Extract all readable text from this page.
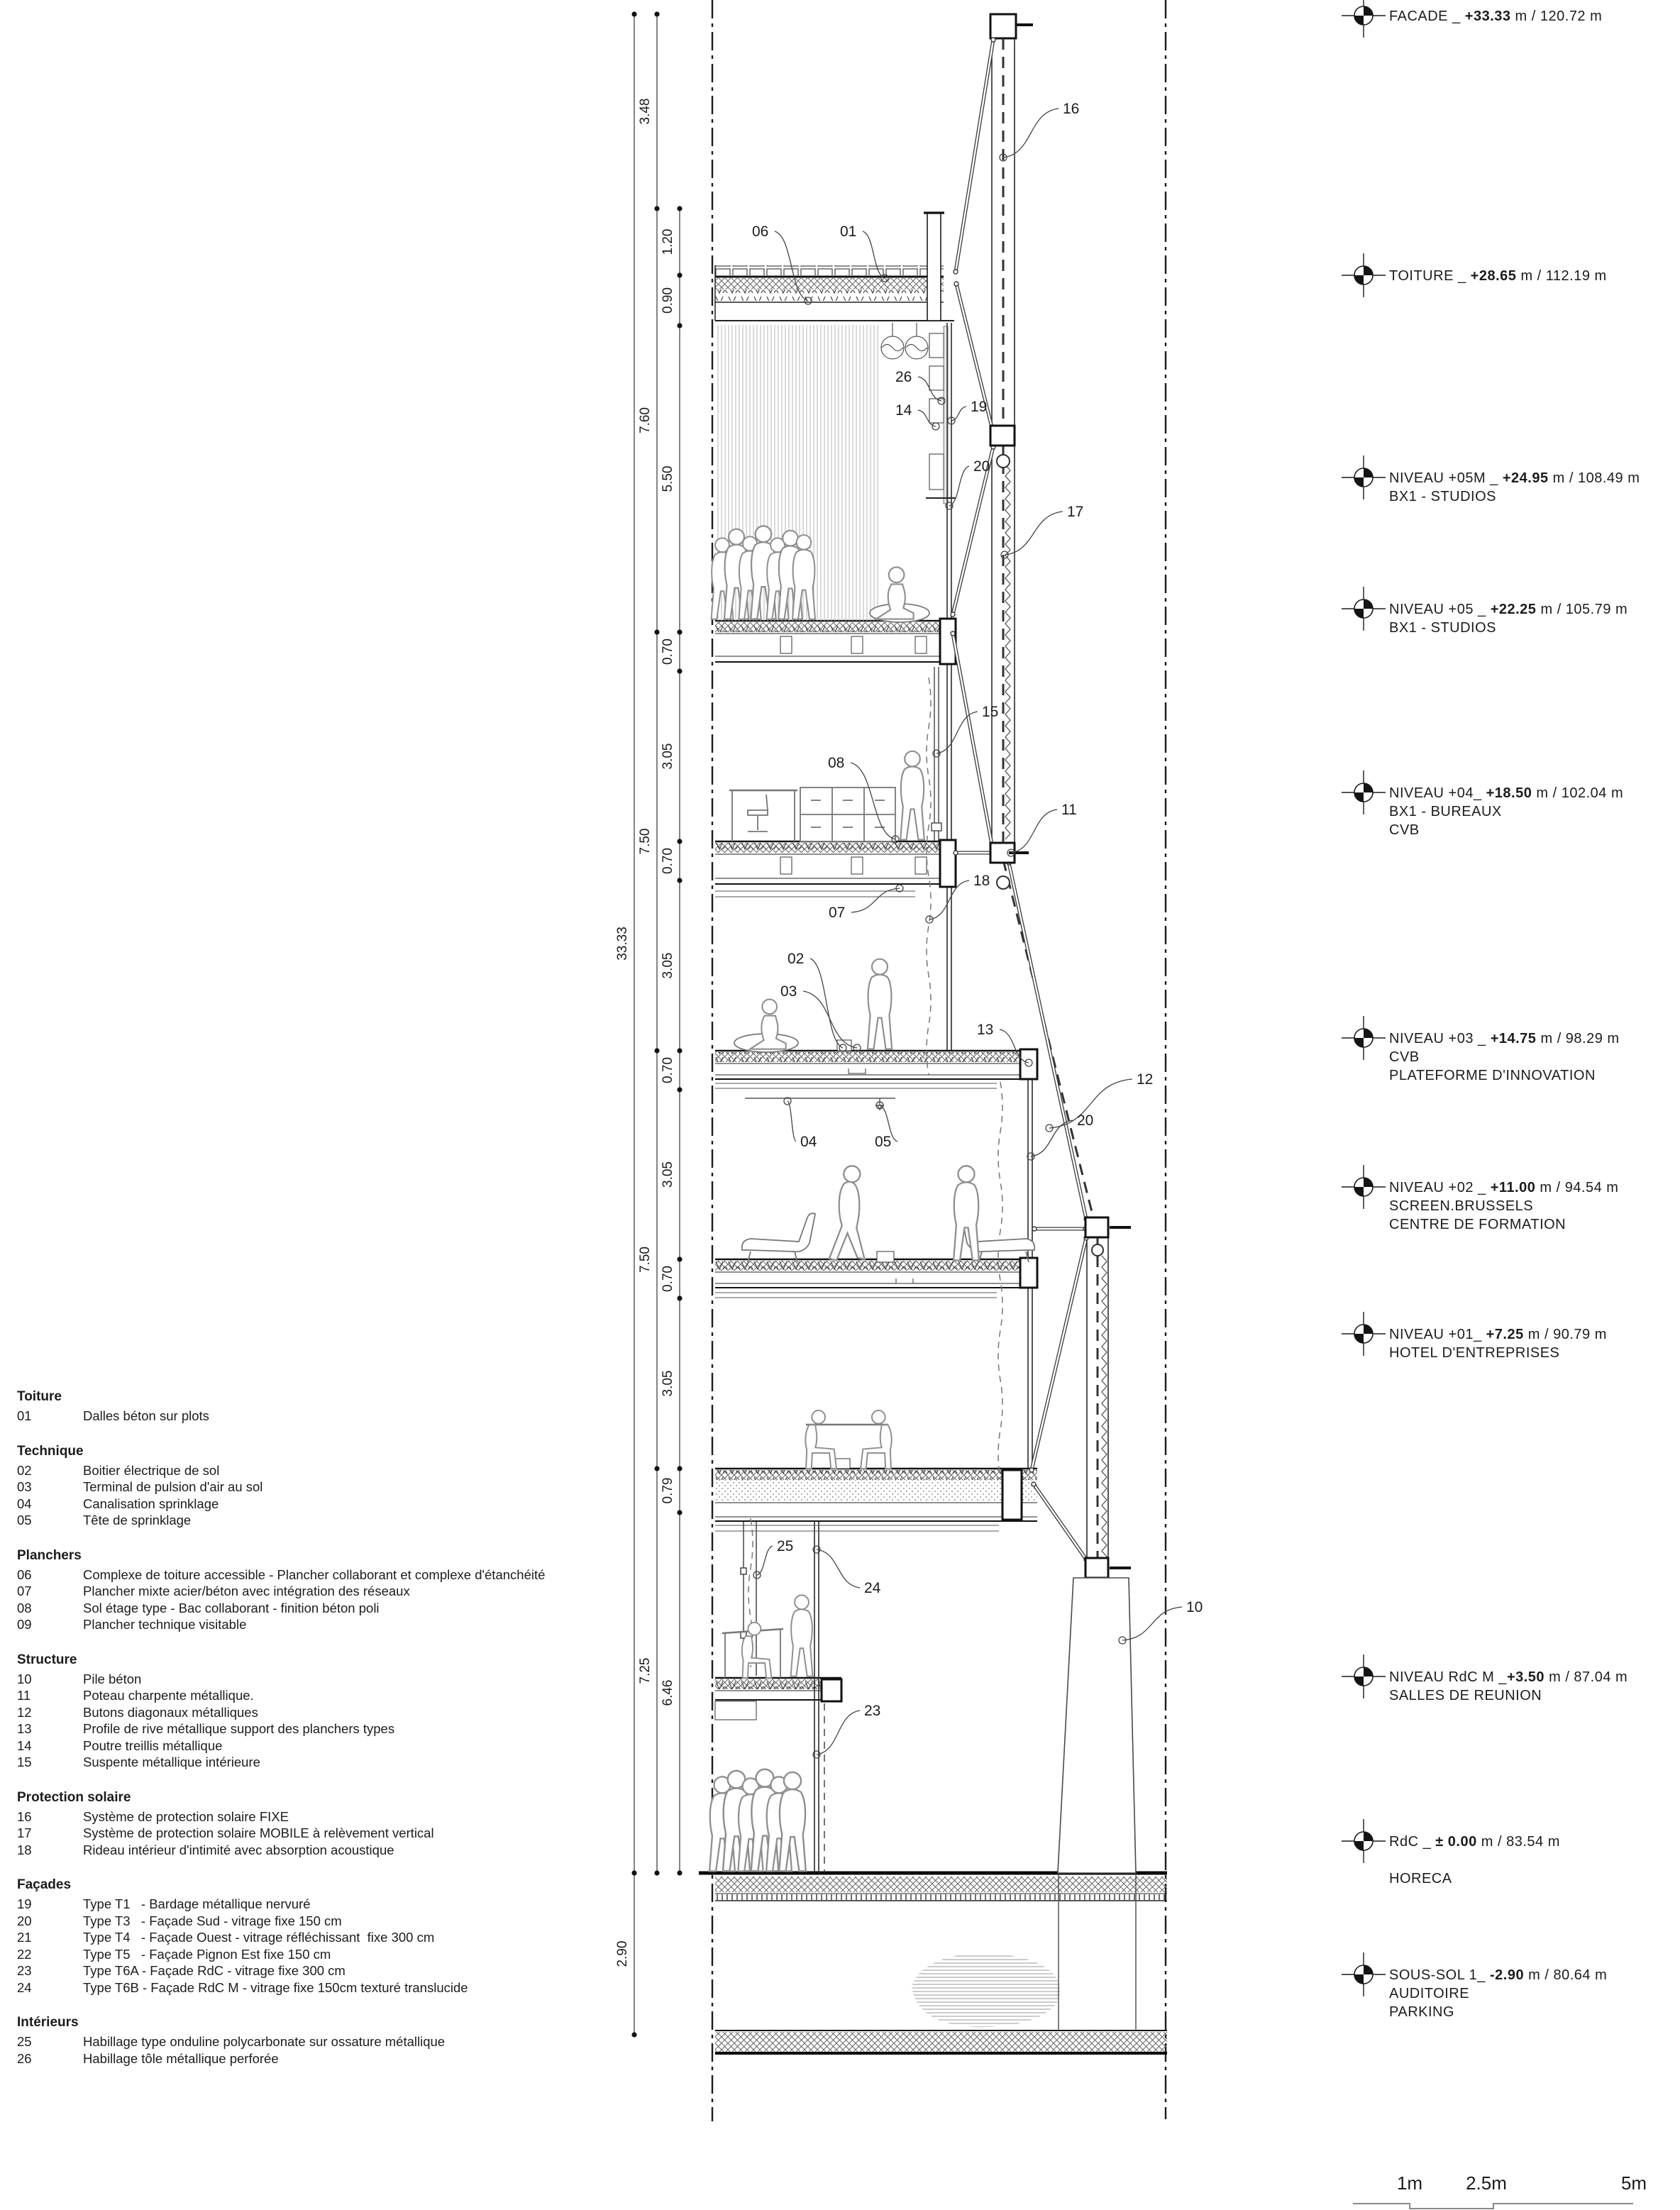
33.33
2.90
3.48
7.60
7.50
7.50
7.25
1.20
0.90
5.50
0.70
3.05
0.70
3.05
0.70
3.05
0.70
3.05
0.79
6.46
06	01
26
14	19
20
16
17
15
08
11
18
07
02
03
13
12
20
04	05
25
24
23
10
FACADE _ +33.33 m / 120.72 m
TOITURE _ +28.65 m / 112.19 m
NIVEAU +05M _ +24.95 m / 108.49 m
BX1 - STUDIOS
NIVEAU +05 _ +22.25 m / 105.79 m
BX1 - STUDIOS
NIVEAU +04_ +18.50 m / 102.04 m
BX1 - BUREAUX
CVB
NIVEAU +03 _ +14.75 m / 98.29 m
CVB
PLATEFORME D'INNOVATION
NIVEAU +02 _ +11.00 m / 94.54 m
SCREEN.BRUSSELS
CENTRE DE FORMATION
NIVEAU +01_ +7.25 m / 90.79 m
HOTEL D'ENTREPRISES
NIVEAU RdC M _+3.50 m / 87.04 m
SALLES DE REUNION
RdC _ ± 0.00 m / 83.54 m
HORECA
SOUS-SOL 1_ -2.90 m / 80.64 m
AUDITOIRE
PARKING
1m 2.5m	5m
Toiture
01	Dalles béton sur plots
Technique
02	Boitier électrique de sol
03	Terminal de pulsion d'air au sol
04	Canalisation sprinklage
05	Tête de sprinklage
Planchers
06	Complexe de toiture accessible - Plancher collaborant et complexe d'étanchéité
07	Plancher mixte acier/béton avec intégration des réseaux
08	Sol étage type - Bac collaborant - finition béton poli
09	Plancher technique visitable
Structure
10	Pile béton
11	Poteau charpente métallique.
12	Butons diagonaux métalliques
13	Profile de rive métallique support des planchers types
14	Poutre treillis métallique
15	Suspente métallique intérieure
Protection solaire
16	Système de protection solaire FIXE
17	Système de protection solaire MOBILE à relèvement vertical
18	Rideau intérieur d'intimité avec absorption acoustique
Façades
19	Type T1   - Bardage métallique nervuré
20	Type T3   - Façade Sud - vitrage fixe 150 cm
21	Type T4   - Façade Ouest - vitrage réfléchissant  fixe 300 cm
22	Type T5   - Façade Pignon Est fixe 150 cm
23	Type T6A - Façade RdC - vitrage fixe 300 cm
24	Type T6B - Façade RdC M - vitrage fixe 150cm texturé translucide
Intérieurs
25	Habillage type onduline polycarbonate sur ossature métallique
26	Habillage tôle métallique perforée
